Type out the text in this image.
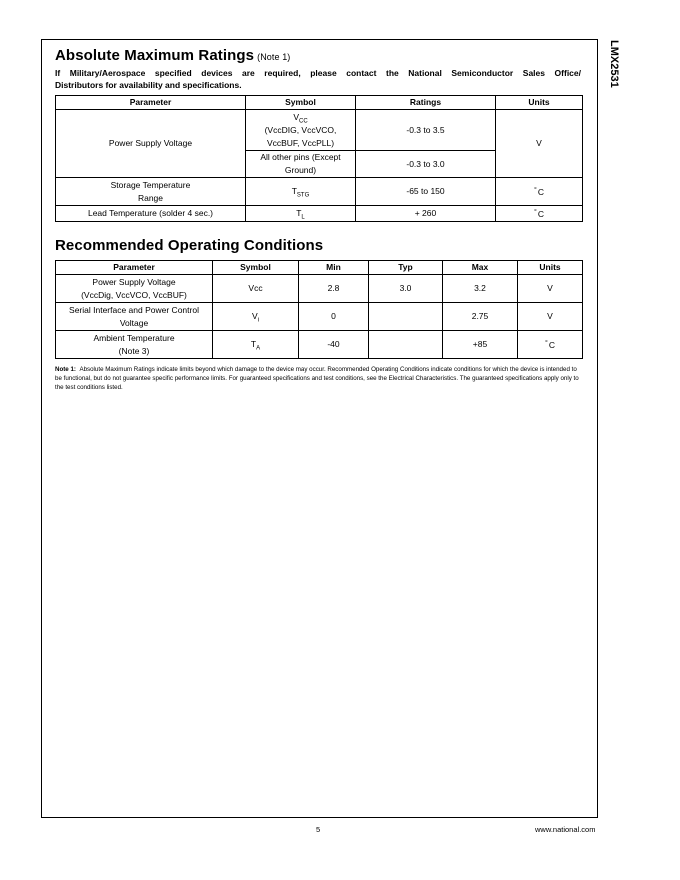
LMX2531
Absolute Maximum Ratings (Note 1)
If Military/Aerospace specified devices are required, please contact the National Semiconductor Sales Office/
Distributors for availability and specifications.
Parameter	Symbol	Ratings	Units
Power Supply Voltage	$V_{CC}$
(VccDIG, VccVCO,
VccBUF, VccPLL)	-0.3 to 3.5	V
	All other pins (Except
Ground)	-0.3 to 3.0	
Storage Temperature
Range	$T_{STG}$	-65 to 150	°C
Lead Temperature (solder 4 sec.)	$T_L$	+ 260	°C
Recommended Operating Conditions
Parameter	Symbol	Min	Typ	Max	Units
Power Supply Voltage
(VccDig, VccVCO, VccBUF)	Vcc	2.8	3.0	3.2	V
Serial Interface and Power Control
Voltage	$V_i$	0		2.75	V
Ambient Temperature
(Note 3)	$T_A$	-40		+85	°C
Note 1: Absolute Maximum Ratings indicate limits beyond which damage to the device may occur. Recommended Operating Conditions indicate conditions for which the device is intended to be functional, but do not guarantee specific performance limits. For guaranteed specifications and test conditions, see the Electrical Characteristics. The guaranteed specifications apply only to the test conditions listed.
5	www.national.com
